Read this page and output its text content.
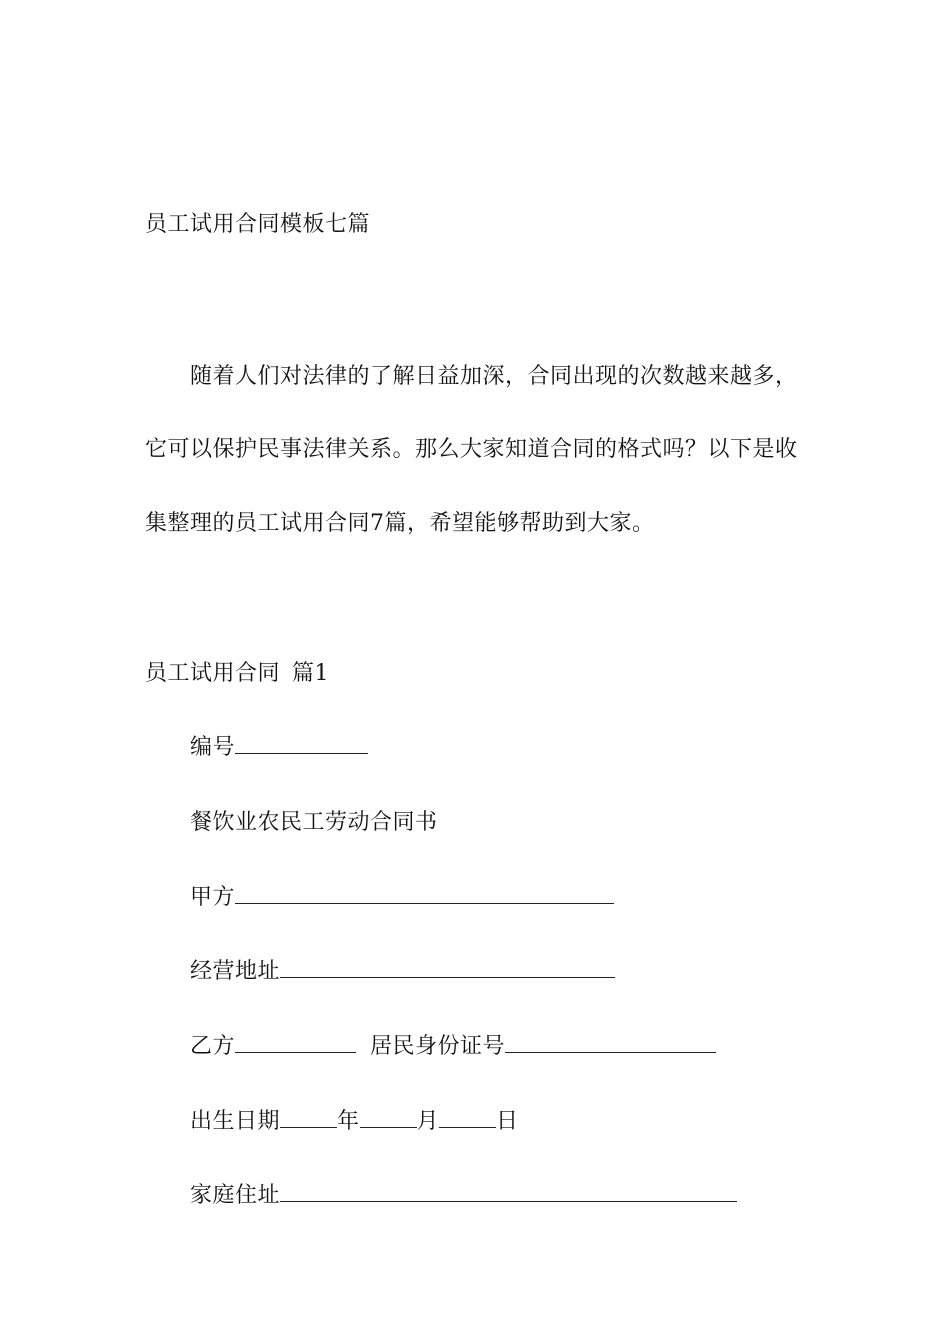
员工试用合同模板七篇
随着人们对法律的了解日益加深，合同出现的次数越来越多，
它可以保护民事法律关系。那么大家知道合同的格式吗？以下是收
集整理的员工试用合同7篇，希望能够帮助到大家。
员工试用合同 篇1
编号
餐饮业农民工劳动合同书
甲方
经营地址
乙方	居民身份证号
出生日期	年	月	日
家庭住址
